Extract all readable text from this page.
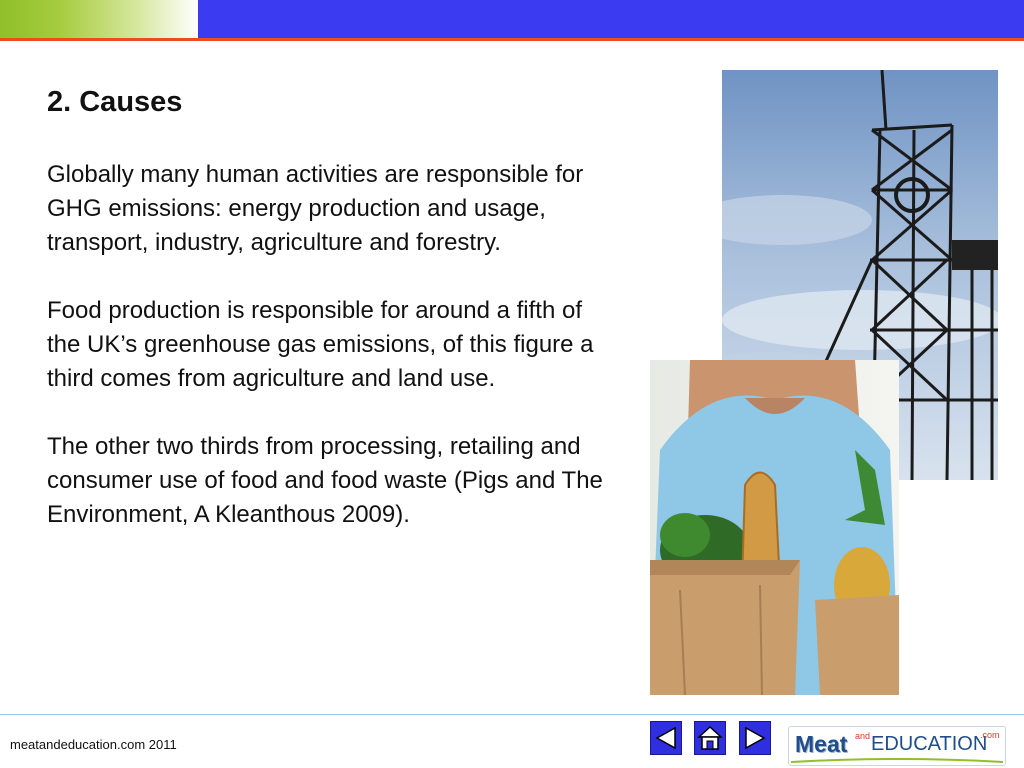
2. Causes

Globally many human activities are responsible for GHG emissions: energy production and usage, transport, industry, agriculture and forestry.

Food production is responsible for around a fifth of the UK’s greenhouse gas emissions, of this figure a third comes from agriculture and land use.

The other two thirds from processing, retailing and consumer use of food and food waste (Pigs and The Environment, A Kleanthous 2009).

meatandeducation.com 2011	Meat and EDUCATION
.com
